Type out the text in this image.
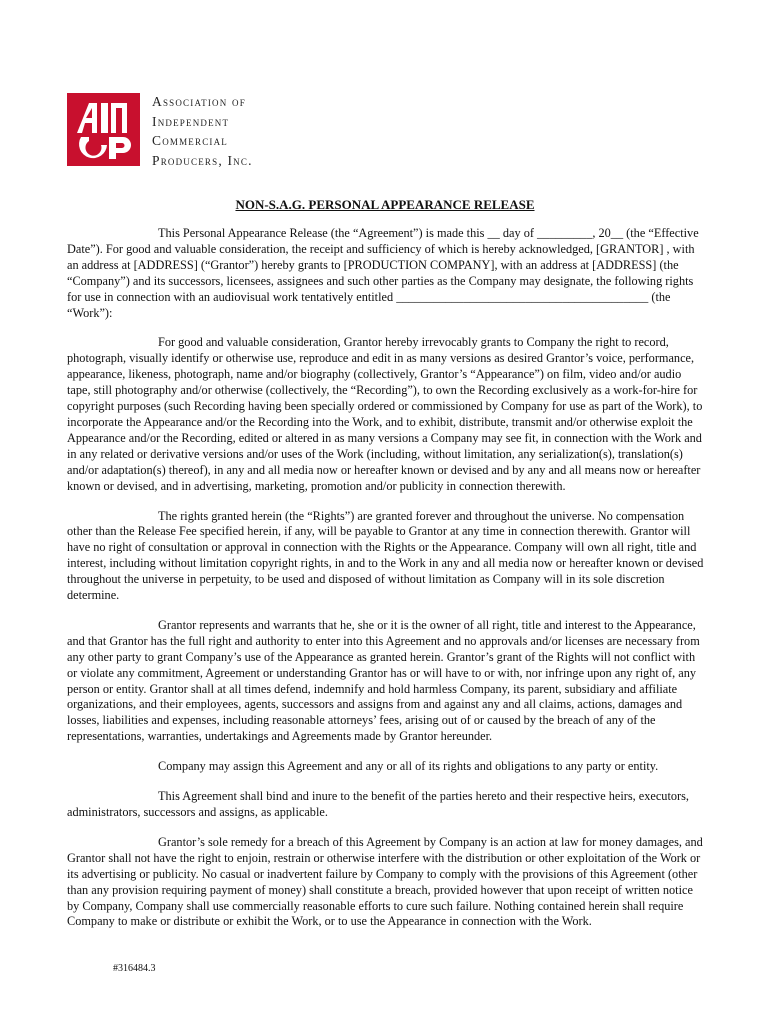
Association of
Independent
Commercial
Producers, Inc.
NON-S.A.G. PERSONAL APPEARANCE RELEASE

This Personal Appearance Release (the “Agreement”) is made this __ day of _________, 20__ (the “Effective Date”). For good and valuable consideration, the receipt and sufficiency of which is hereby acknowledged, [GRANTOR] , with an address at [ADDRESS] (“Grantor”) hereby grants to [PRODUCTION COMPANY], with an address at [ADDRESS] (the “Company”) and its successors, licensees, assignees and such other parties as the Company may designate, the following rights for use in connection with an audiovisual work tentatively entitled _________________________________________ (the “Work”):

For good and valuable consideration, Grantor hereby irrevocably grants to Company the right to record, photograph, visually identify or otherwise use, reproduce and edit in as many versions as desired Grantor’s voice, performance, appearance, likeness, photograph, name and/or biography (collectively, Grantor’s “Appearance”) on film, video and/or audio tape, still photography and/or otherwise (collectively, the “Recording”), to own the Recording exclusively as a work-for-hire for copyright purposes (such Recording having been specially ordered or commissioned by Company for use as part of the Work), to incorporate the Appearance and/or the Recording into the Work, and to exhibit, distribute, transmit and/or otherwise exploit the Appearance and/or the Recording, edited or altered in as many versions a Company may see fit, in connection with the Work and in any related or derivative versions and/or uses of the Work (including, without limitation, any serialization(s), translation(s) and/or adaptation(s) thereof), in any and all media now or hereafter known or devised and by any and all means now or hereafter known or devised, and in advertising, marketing, promotion and/or publicity in connection therewith.

The rights granted herein (the “Rights”) are granted forever and throughout the universe. No compensation other than the Release Fee specified herein, if any, will be payable to Grantor at any time in connection therewith. Grantor will have no right of consultation or approval in connection with the Rights or the Appearance. Company will own all right, title and interest, including without limitation copyright rights, in and to the Work in any and all media now or hereafter known or devised throughout the universe in perpetuity, to be used and disposed of without limitation as Company will in its sole discretion determine.

Grantor represents and warrants that he, she or it is the owner of all right, title and interest to the Appearance, and that Grantor has the full right and authority to enter into this Agreement and no approvals and/or licenses are necessary from any other party to grant Company’s use of the Appearance as granted herein. Grantor’s grant of the Rights will not conflict with or violate any commitment, Agreement or understanding Grantor has or will have to or with, nor infringe upon any right of, any person or entity. Grantor shall at all times defend, indemnify and hold harmless Company, its parent, subsidiary and affiliate organizations, and their employees, agents, successors and assigns from and against any and all claims, actions, damages and losses, liabilities and expenses, including reasonable attorneys’ fees, arising out of or caused by the breach of any of the representations, warranties, undertakings and Agreements made by Grantor hereunder.

Company may assign this Agreement and any or all of its rights and obligations to any party or entity.

This Agreement shall bind and inure to the benefit of the parties hereto and their respective heirs, executors, administrators, successors and assigns, as applicable.

Grantor’s sole remedy for a breach of this Agreement by Company is an action at law for money damages, and Grantor shall not have the right to enjoin, restrain or otherwise interfere with the distribution or other exploitation of the Work or its advertising or publicity. No casual or inadvertent failure by Company to comply with the provisions of this Agreement (other than any provision requiring payment of money) shall constitute a breach, provided however that upon receipt of written notice by Company, Company shall use commercially reasonable efforts to cure such failure. Nothing contained herein shall require Company to make or distribute or exhibit the Work, or to use the Appearance in connection with the Work.

#316484.3
